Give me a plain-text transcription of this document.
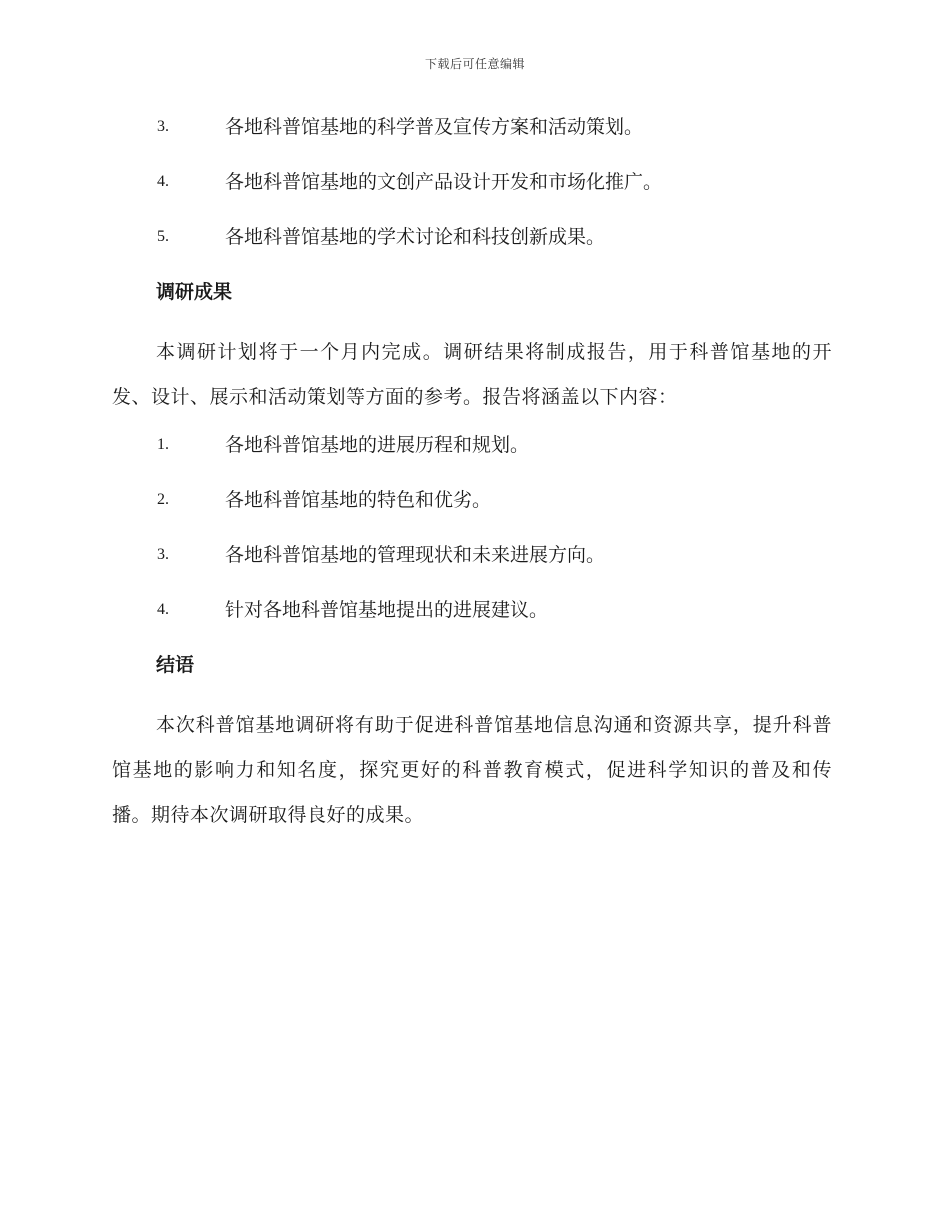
下载后可任意编辑
3.	各地科普馆基地的科学普及宣传方案和活动策划。
4.	各地科普馆基地的文创产品设计开发和市场化推广。
5.	各地科普馆基地的学术讨论和科技创新成果。
调研成果
本调研计划将于一个月内完成。调研结果将制成报告，用于科普馆基地的开发、设计、展示和活动策划等方面的参考。报告将涵盖以下内容：
1.	各地科普馆基地的进展历程和规划。
2.	各地科普馆基地的特色和优劣。
3.	各地科普馆基地的管理现状和未来进展方向。
4.	针对各地科普馆基地提出的进展建议。
结语
本次科普馆基地调研将有助于促进科普馆基地信息沟通和资源共享，提升科普馆基地的影响力和知名度，探究更好的科普教育模式，促进科学知识的普及和传播。期待本次调研取得良好的成果。
